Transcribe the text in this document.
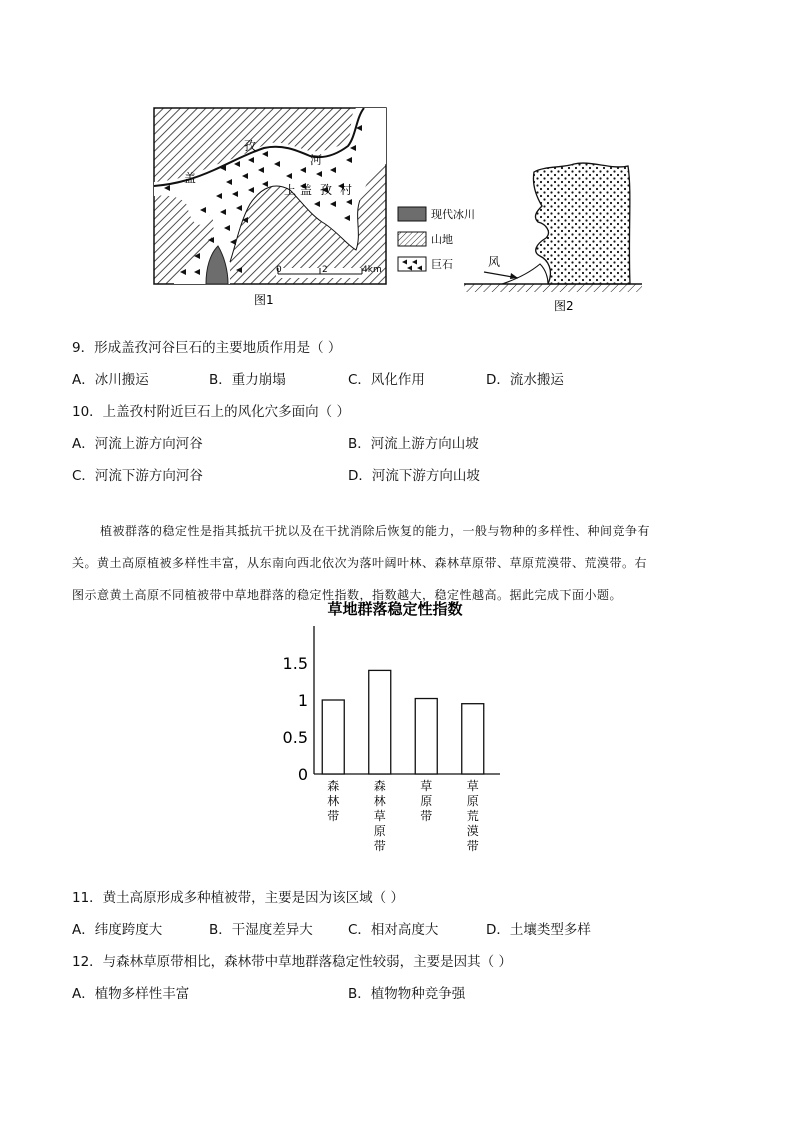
孜
河
盖
上 盖 孜 村
0	2	4km
现代冰川
山地
巨石
图1
风
图2
9．形成盖孜河谷巨石的主要地质作用是（ ）
A．冰川搬运	B．重力崩塌	C．风化作用	D．流水搬运
10．上盖孜村附近巨石上的风化穴多面向（ ）
A．河流上游方向河谷	B．河流上游方向山坡
C．河流下游方向河谷	D．河流下游方向山坡
植被群落的稳定性是指其抵抗干扰以及在干扰消除后恢复的能力，一般与物种的多样性、种间竞争有
关。黄土高原植被多样性丰富，从东南向西北依次为落叶阔叶林、森林草原带、草原荒漠带、荒漠带。右
图示意黄土高原不同植被带中草地群落的稳定性指数，指数越大，稳定性越高。据此完成下面小题。
草地群落稳定性指数
0
0.5
1
1.5
森林带
森林草原带
草原带
草原荒漠带
11．黄土高原形成多种植被带，主要是因为该区域（ ）
A．纬度跨度大	B．干湿度差异大	C．相对高度大	D．土壤类型多样
12．与森林草原带相比，森林带中草地群落稳定性较弱，主要是因其（ ）
A．植物多样性丰富	B．植物物种竞争强
